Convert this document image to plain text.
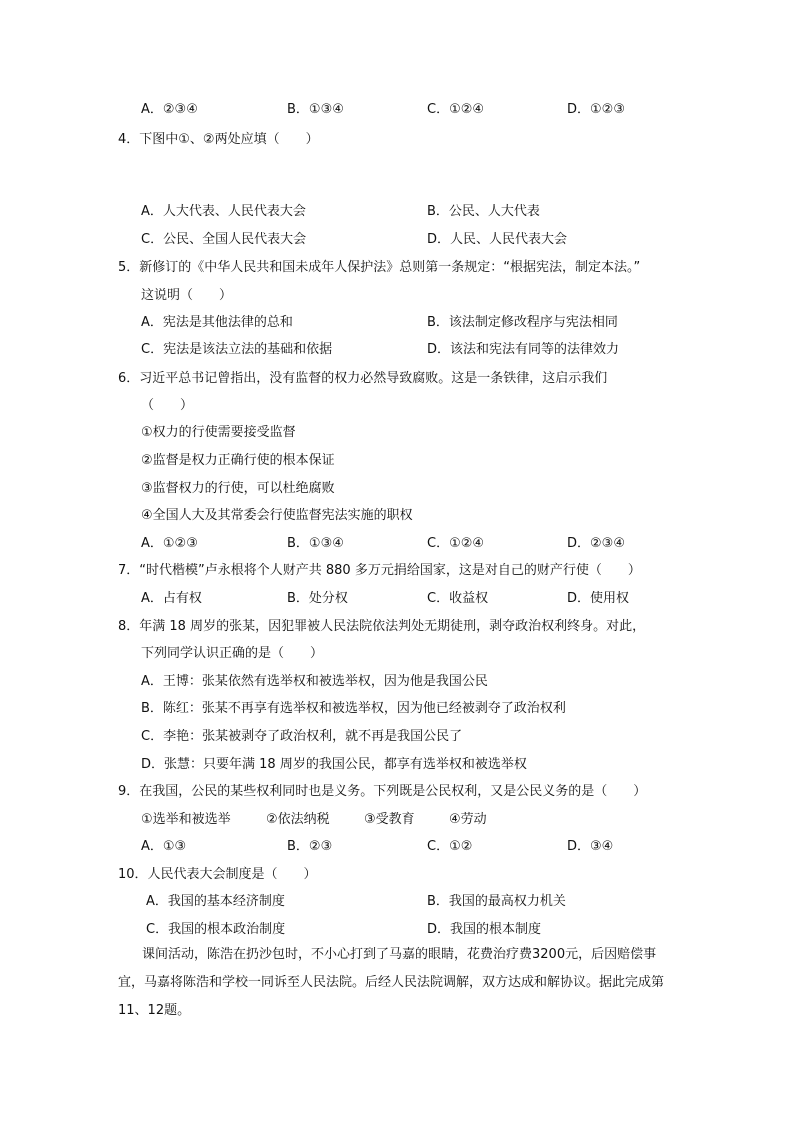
A．②③④	B．①③④	C．①②④	D．①②③
4．下图中①、②两处应填（　　）
A．人大代表、人民代表大会	B．公民、人大代表
C．公民、全国人民代表大会	D．人民、人民代表大会
5．新修订的《中华人民共和国未成年人保护法》总则第一条规定：“根据宪法，制定本法。”
这说明（　　）
A．宪法是其他法律的总和	B．该法制定修改程序与宪法相同
C．宪法是该法立法的基础和依据	D．该法和宪法有同等的法律效力
6．习近平总书记曾指出，没有监督的权力必然导致腐败。这是一条铁律，这启示我们
（　　）
①权力的行使需要接受监督
②监督是权力正确行使的根本保证
③监督权力的行使，可以杜绝腐败
④全国人大及其常委会行使监督宪法实施的职权
A．①②③	B．①③④	C．①②④	D．②③④
7．“时代楷模”卢永根将个人财产共 880 多万元捐给国家，这是对自己的财产行使（　　）
A．占有权	B．处分权	C．收益权	D．使用权
8．年满 18 周岁的张某，因犯罪被人民法院依法判处无期徒刑，剥夺政治权利终身。对此，
下列同学认识正确的是（　　）
A．王博：张某依然有选举权和被选举权，因为他是我国公民
B．陈红：张某不再享有选举权和被选举权，因为他已经被剥夺了政治权利
C．李艳：张某被剥夺了政治权利，就不再是我国公民了
D．张慧：只要年满 18 周岁的我国公民，都享有选举权和被选举权
9．在我国，公民的某些权利同时也是义务。下列既是公民权利，又是公民义务的是（　　）
①选举和被选举	②依法纳税	③受教育	④劳动
A．①③	B．②③	C．①②	D．③④
10．人民代表大会制度是（　　）
A．我国的基本经济制度	B．我国的最高权力机关
C．我国的根本政治制度	D．我国的根本制度
课间活动，陈浩在扔沙包时，不小心打到了马嘉的眼睛，花费治疗费3200元，后因赔偿事宜，马嘉将陈浩和学校一同诉至人民法院。后经人民法院调解，双方达成和解协议。据此完成第11、12题。
